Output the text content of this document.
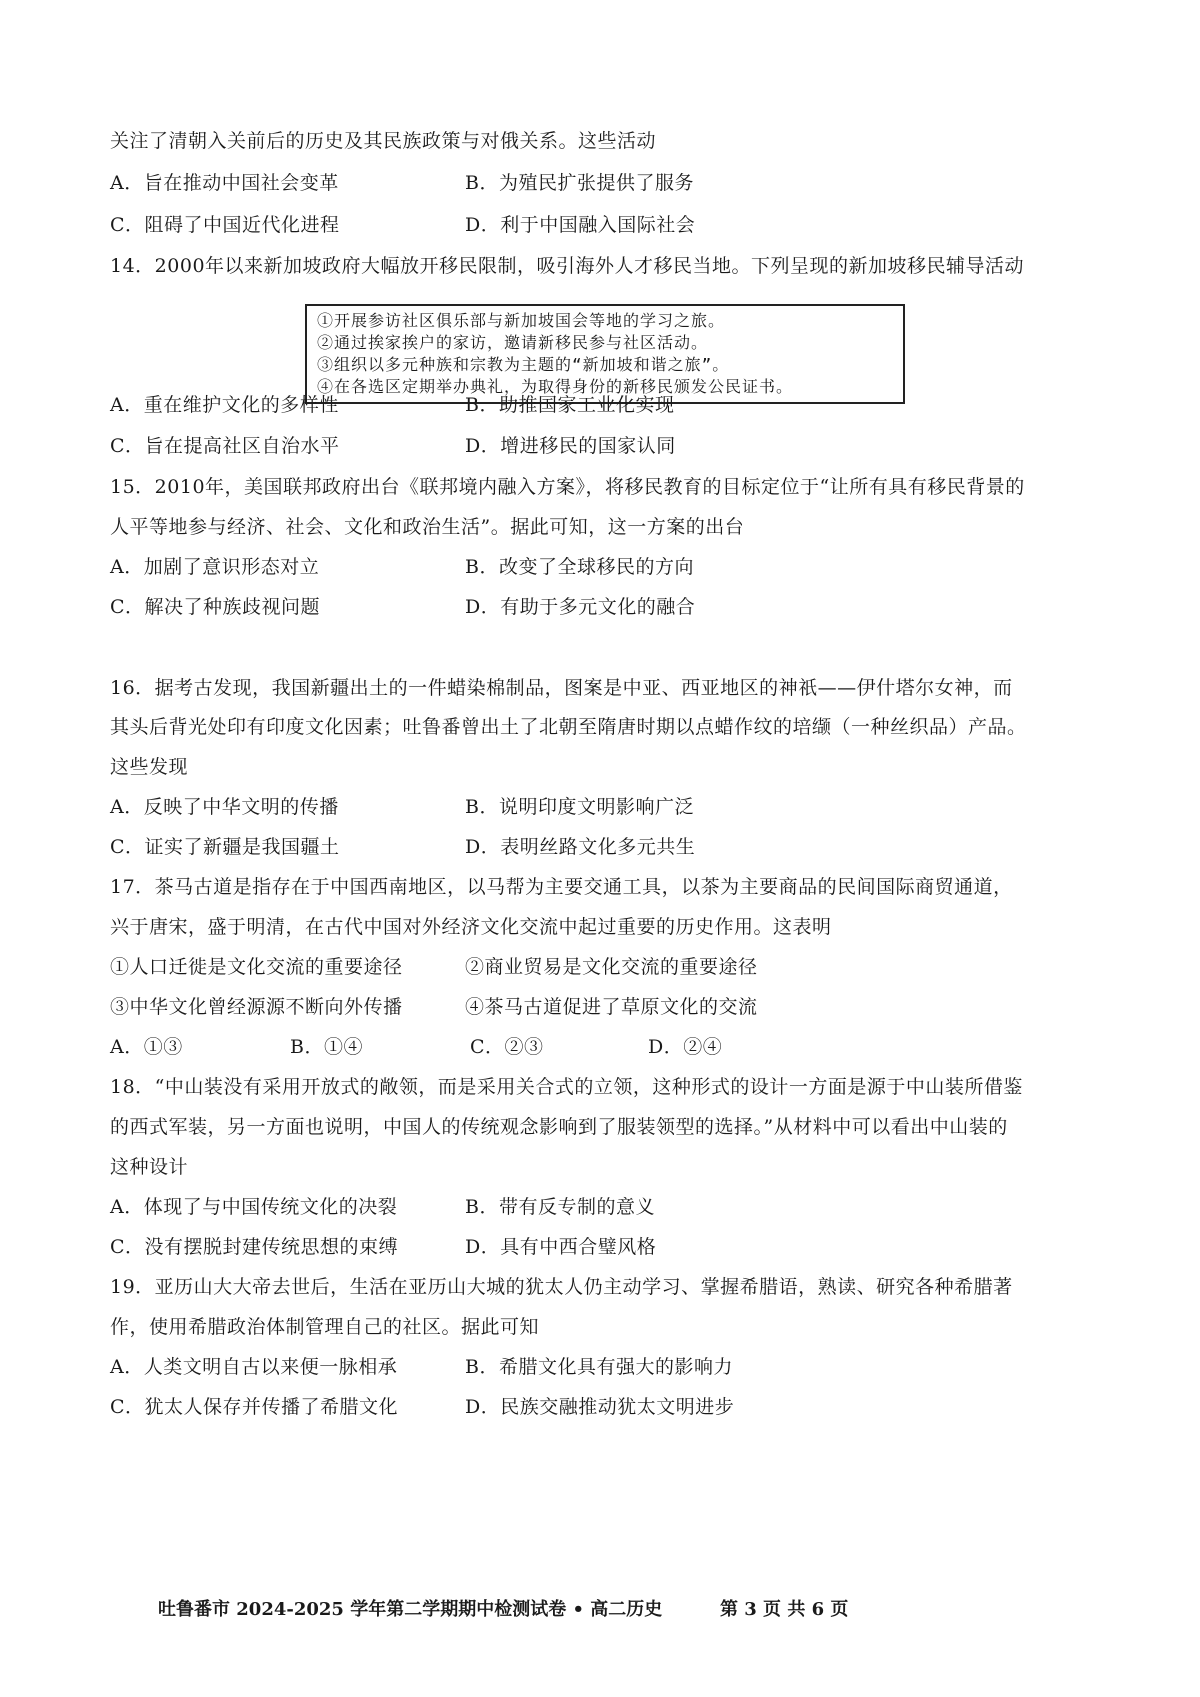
关注了清朝入关前后的历史及其民族政策与对俄关系。这些活动
A．旨在推动中国社会变革	B．为殖民扩张提供了服务
C．阻碍了中国近代化进程	D．利于中国融入国际社会
14．2000年以来新加坡政府大幅放开移民限制，吸引海外人才移民当地。下列呈现的新加坡移民辅导活动
①开展参访社区俱乐部与新加坡国会等地的学习之旅。
②通过挨家挨户的家访，邀请新移民参与社区活动。
③组织以多元种族和宗教为主题的“新加坡和谐之旅”。
④在各选区定期举办典礼，为取得身份的新移民颁发公民证书。
A．重在维护文化的多样性	B．助推国家工业化实现
C．旨在提高社区自治水平	D．增进移民的国家认同
15．2010年，美国联邦政府出台《联邦境内融入方案》，将移民教育的目标定位于“让所有具有移民背景的
人平等地参与经济、社会、文化和政治生活”。据此可知，这一方案的出台
A．加剧了意识形态对立	B．改变了全球移民的方向
C．解决了种族歧视问题	D．有助于多元文化的融合
16．据考古发现，我国新疆出土的一件蜡染棉制品，图案是中亚、西亚地区的神祇——伊什塔尔女神，而
其头后背光处印有印度文化因素；吐鲁番曾出土了北朝至隋唐时期以点蜡作纹的培缬（一种丝织品）产品。
这些发现
A．反映了中华文明的传播	B．说明印度文明影响广泛
C．证实了新疆是我国疆土	D．表明丝路文化多元共生
17．茶马古道是指存在于中国西南地区，以马帮为主要交通工具，以茶为主要商品的民间国际商贸通道，
兴于唐宋，盛于明清，在古代中国对外经济文化交流中起过重要的历史作用。这表明
①人口迁徙是文化交流的重要途径	②商业贸易是文化交流的重要途径
③中华文化曾经源源不断向外传播	④茶马古道促进了草原文化的交流
A．①③	B．①④	C．②③	D．②④
18．“中山装没有采用开放式的敞领，而是采用关合式的立领，这种形式的设计一方面是源于中山装所借鉴
的西式军装，另一方面也说明，中国人的传统观念影响到了服装领型的选择。”从材料中可以看出中山装的
这种设计
A．体现了与中国传统文化的决裂	B．带有反专制的意义
C．没有摆脱封建传统思想的束缚	D．具有中西合璧风格
19．亚历山大大帝去世后，生活在亚历山大城的犹太人仍主动学习、掌握希腊语，熟读、研究各种希腊著
作，使用希腊政治体制管理自己的社区。据此可知
A．人类文明自古以来便一脉相承	B．希腊文化具有强大的影响力
C．犹太人保存并传播了希腊文化	D．民族交融推动犹太文明进步
吐鲁番市 2024-2025 学年第二学期期中检测试卷 • 高二历史	第 3 页 共 6 页
